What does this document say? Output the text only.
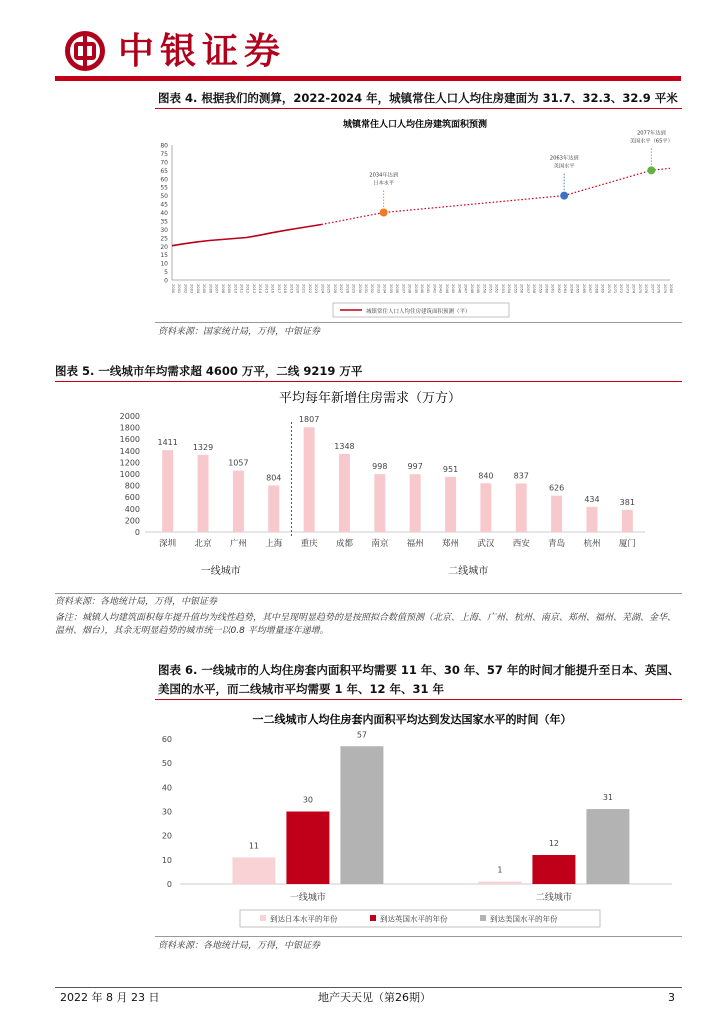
中银证券
图表 4. 根据我们的测算，2022-2024 年，城镇常住人口人均住房建面为 31.7、32.3、32.9 平米
城镇常住人口人均住房建筑面积预测
0
5
10
15
20
25
30
35
40
45
50
55
60
65
70
75
80
2000 2001 2002 2003 2004 2005 2006 2007 2008 2009 2010 2011 2012 2013 2014 2015 2016 2017 2018 2019 2020 2021 2022 2023 2024 2025 2026 2027 2028 2029 2030 2031 2032 2033 2034 2035 2036 2037 2038 2039 2040 2041 2042 2043 2044 2045 2046 2047 2048 2049 2050 2051 2052 2053 2054 2055 2056 2057 2058 2059 2060 2061 2062 2063 2064 2065 2066 2067 2068 2069 2070 2071 2072 2073 2074 2075 2076 2077 2078 2079 2080
2034年达到
日本水平
2063年达到
英国水平
2077年达到
美国水平（65平）
城镇常住人口人均住房建筑面积预测（平）
资料来源：国家统计局，万得，中银证券
图表 5. 一线城市年均需求超 4600 万平，二线 9219 万平
平均每年新增住房需求（万方）
0
200
400
600
800
1000
1200
1400
1600
1800
2000
1411
深圳
1329
北京
1057
广州
804
上海
1807
重庆
1348
成都
998
南京
997
福州
951
郑州
840
武汉
837
西安
626
青岛
434
杭州
381
厦门
一线城市	二线城市
资料来源：各地统计局，万得，中银证券
备注：城镇人均建筑面积每年提升值均为线性趋势，其中呈现明显趋势的是按照拟合数值预测（北京、上海、广州、杭州、南京、郑州、福州、芜湖、金华、温州、烟台），其余无明显趋势的城市统一以0.8 平均增量逐年递增。
图表 6. 一线城市的人均住房套内面积平均需要 11 年、30 年、57 年的时间才能提升至日本、英国、
美国的水平，而二线城市平均需要 1 年、12 年、31 年
一二线城市人均住房套内面积平均达到发达国家水平的时间（年）
0
10
20
30
40
50
60
11
30
57
一线城市
1
12
31
二线城市
到达日本水平的年份	到达英国水平的年份	到达美国水平的年份
资料来源：各地统计局，万得，中银证券
2022 年 8 月 23 日	地产天天见（第26期）	3
